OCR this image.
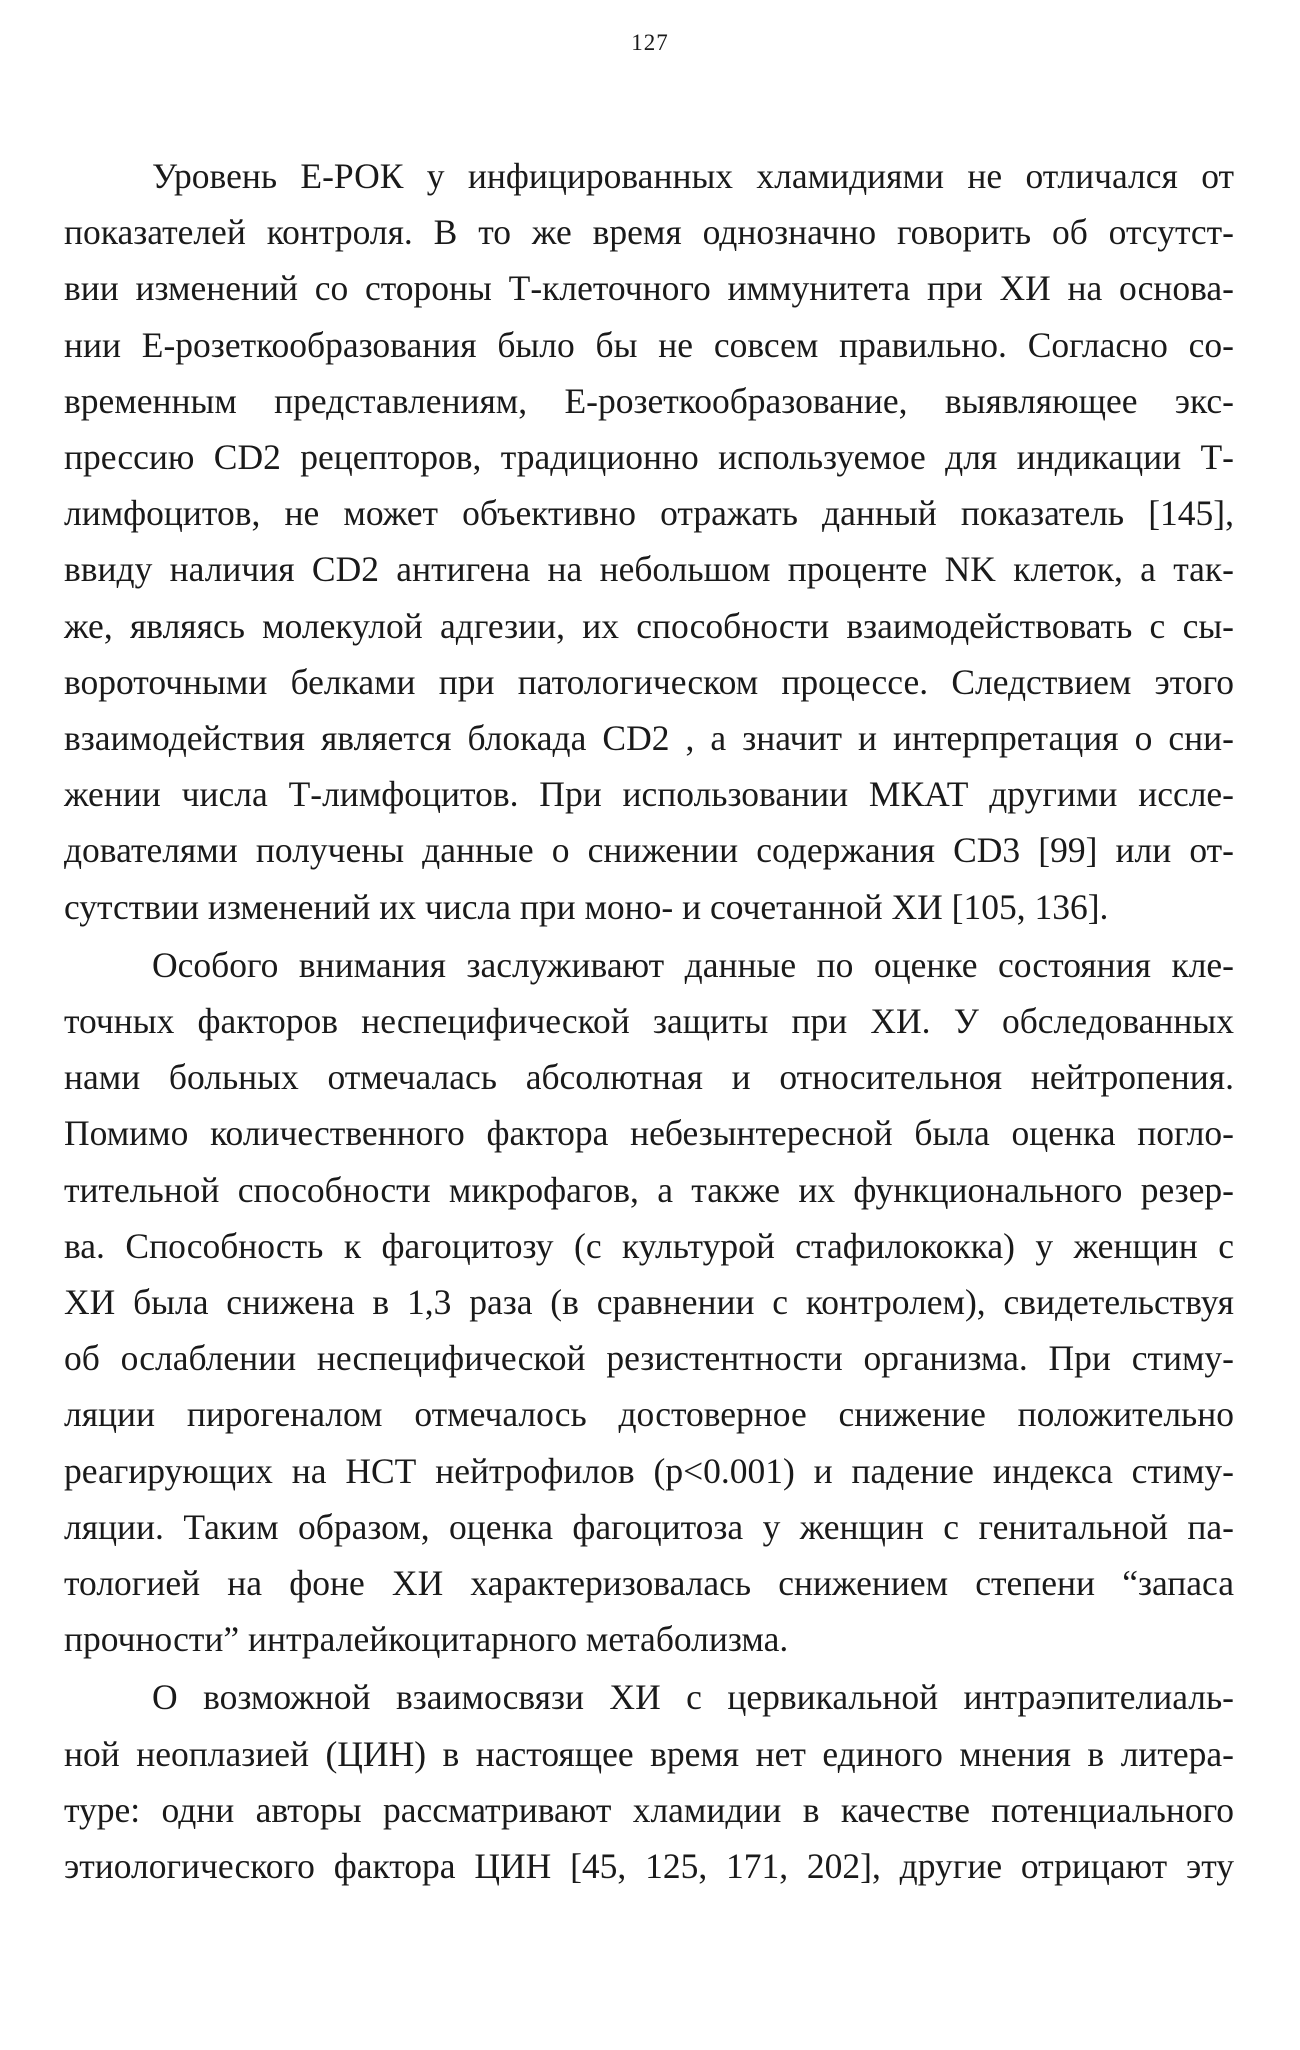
127

Уровень Е-РОК у инфицированных хламидиями не отличался от
показателей контроля. В то же время однозначно говорить об отсутст-
вии изменений со стороны Т-клеточного иммунитета при ХИ на основа-
нии Е-розеткообразования было бы не совсем правильно. Согласно со-
временным представлениям, Е-розеткообразование, выявляющее экс-
прессию CD2 рецепторов, традиционно используемое для индикации Т-
лимфоцитов, не может объективно отражать данный показатель [145],
ввиду наличия CD2 антигена на небольшом проценте NK клеток, а так-
же, являясь молекулой адгезии, их способности взаимодействовать с сы-
вороточными белками при патологическом процессе. Следствием этого
взаимодействия является блокада CD2 , а значит и интерпретация о сни-
жении числа Т-лимфоцитов. При использовании МКАТ другими иссле-
дователями получены данные о снижении содержания CD3 [99] или от-
сутствии изменений их числа при моно- и сочетанной ХИ [105, 136].

Особого внимания заслуживают данные по оценке состояния кле-
точных факторов неспецифической защиты при ХИ. У обследованных
нами больных отмечалась абсолютная и относительноя нейтропения.
Помимо количественного фактора небезынтересной была оценка погло-
тительной способности микрофагов, а также их функционального резер-
ва. Способность к фагоцитозу (с культурой стафилококка) у женщин с
ХИ была снижена в 1,3 раза (в сравнении с контролем), свидетельствуя
об ослаблении неспецифической резистентности организма. При стиму-
ляции пирогеналом отмечалось достоверное снижение положительно
реагирующих на НСТ нейтрофилов (p<0.001) и падение индекса стиму-
ляции. Таким образом, оценка фагоцитоза у женщин с генитальной па-
тологией на фоне ХИ характеризовалась снижением степени “запаса
прочности” интралейкоцитарного метаболизма.

О возможной взаимосвязи ХИ с цервикальной интраэпителиаль-
ной неоплазией (ЦИН) в настоящее время нет единого мнения в литера-
туре: одни авторы рассматривают хламидии в качестве потенциального
этиологического фактора ЦИН [45, 125, 171, 202], другие отрицают эту
